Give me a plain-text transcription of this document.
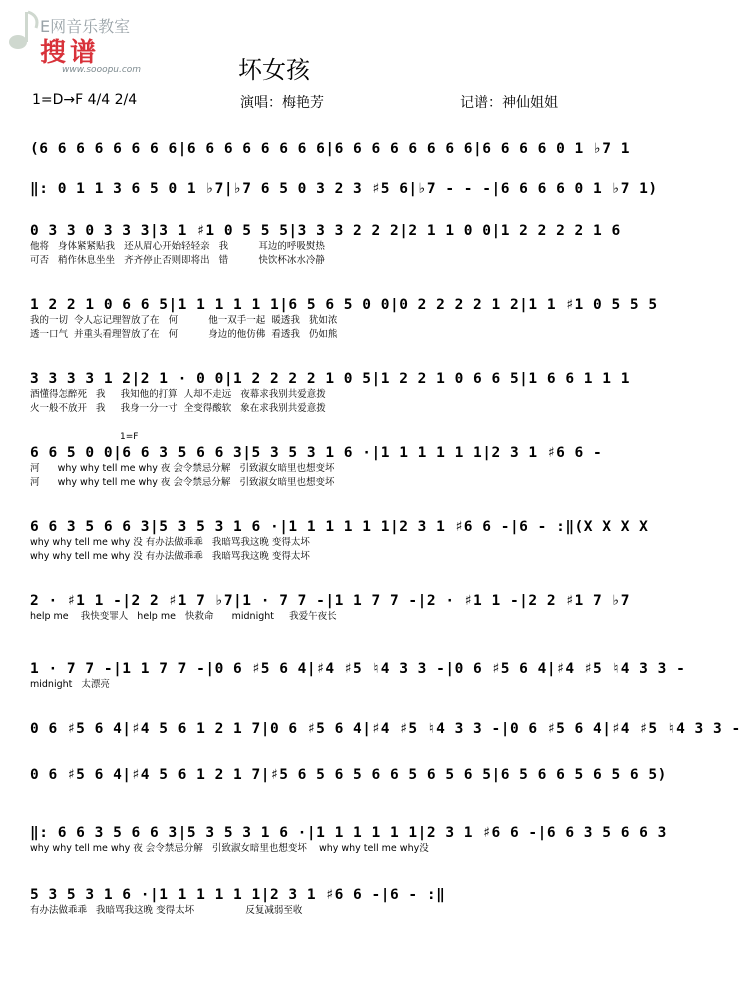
E网音乐教室
搜谱
www.sooopu.com	坏女孩
1=D→F 4/4 2/4	演唱：梅艳芳	记谱：神仙姐姐
(6 6 6 6 6 6 6 6|6 6 6 6 6 6 6 6|6 6 6 6 6 6 6 6|6 6 6 6 0 1 ♭7 1
‖: 0 1 1 3 6 5 0 1 ♭7|♭7 6 5 0 3 2 3 ♯5 6|♭7 - - -|6 6 6 6 0 1 ♭7 1)
0 3 3 0 3 3 3|3 1 ♯1 0 5 5 5|3 3 3 2 2 2|2 1 1 0 0|1 2 2 2 2 1 6
他将   身体紧紧贴我   还从眉心开始轻轻亲   我          耳边的呼吸熨热
可否   稍作休息坐坐   齐齐停止否则即将出   错          快饮杯冰水冷静
1 2 2 1 0 6 6 5|1 1 1 1 1 1|6 5 6 5 0 0|0 2 2 2 2 1 2|1 1 ♯1 0 5 5 5
我的一切  令人忘记理智放了在   何          他一双手一起  暖透我   犹如浓
透一口气  并重头看理智放了在   何          身边的他仿佛  看透我   仍如熊
3 3 3 3 1 2|2 1 · 0 0|1 2 2 2 2 1 0 5|1 2 2 1 0 6 6 5|1 6 6 1 1 1
酒懂得怎醉死   我     我知他的打算  人却不走远   夜幕求我别共爱意拨
火一般不放开   我     我身一分一寸  全变得酸软   象在求我别共爱意拨
1=F
6 6 5 0 0|6 6 3 5 6 6 3|5 3 5 3 1 6 ·|1 1 1 1 1 1|2 3 1 ♯6 6 -
河      why why tell me why 夜 会令禁忌分解   引致淑女暗里也想变坏
河      why why tell me why 夜 会令禁忌分解   引致淑女暗里也想变坏
6 6 3 5 6 6 3|5 3 5 3 1 6 ·|1 1 1 1 1 1|2 3 1 ♯6 6 -|6 - :‖(X X X X
why why tell me why 没 有办法做乖乖   我暗骂我这晚 变得太坏
why why tell me why 没 有办法做乖乖   我暗骂我这晚 变得太坏
2 · ♯1 1 -|2 2 ♯1 7 ♭7|1 · 7 7 -|1 1 7 7 -|2 · ♯1 1 -|2 2 ♯1 7 ♭7
help me    我快变罪人   help me   快救命      midnight     我爱午夜长
1 · 7 7 -|1 1 7 7 -|0 6 ♯5 6 4|♯4 ♯5 ♮4 3 3 -|0 6 ♯5 6 4|♯4 ♯5 ♮4 3 3 -
midnight   太漂亮
0 6 ♯5 6 4|♯4 5 6 1 2 1 7|0 6 ♯5 6 4|♯4 ♯5 ♮4 3 3 -|0 6 ♯5 6 4|♯4 ♯5 ♮4 3 3 -
0 6 ♯5 6 4|♯4 5 6 1 2 1 7|♯5 6 5 6 5 6 6 5 6 5 6 5|6 5 6 6 5 6 5 6 5)
‖: 6 6 3 5 6 6 3|5 3 5 3 1 6 ·|1 1 1 1 1 1|2 3 1 ♯6 6 -|6 6 3 5 6 6 3
why why tell me why 夜 会令禁忌分解   引致淑女暗里也想变坏    why why tell me why没
5 3 5 3 1 6 ·|1 1 1 1 1 1|2 3 1 ♯6 6 -|6 - :‖
有办法做乖乖   我暗骂我这晚 变得太坏                 反复减弱至收
